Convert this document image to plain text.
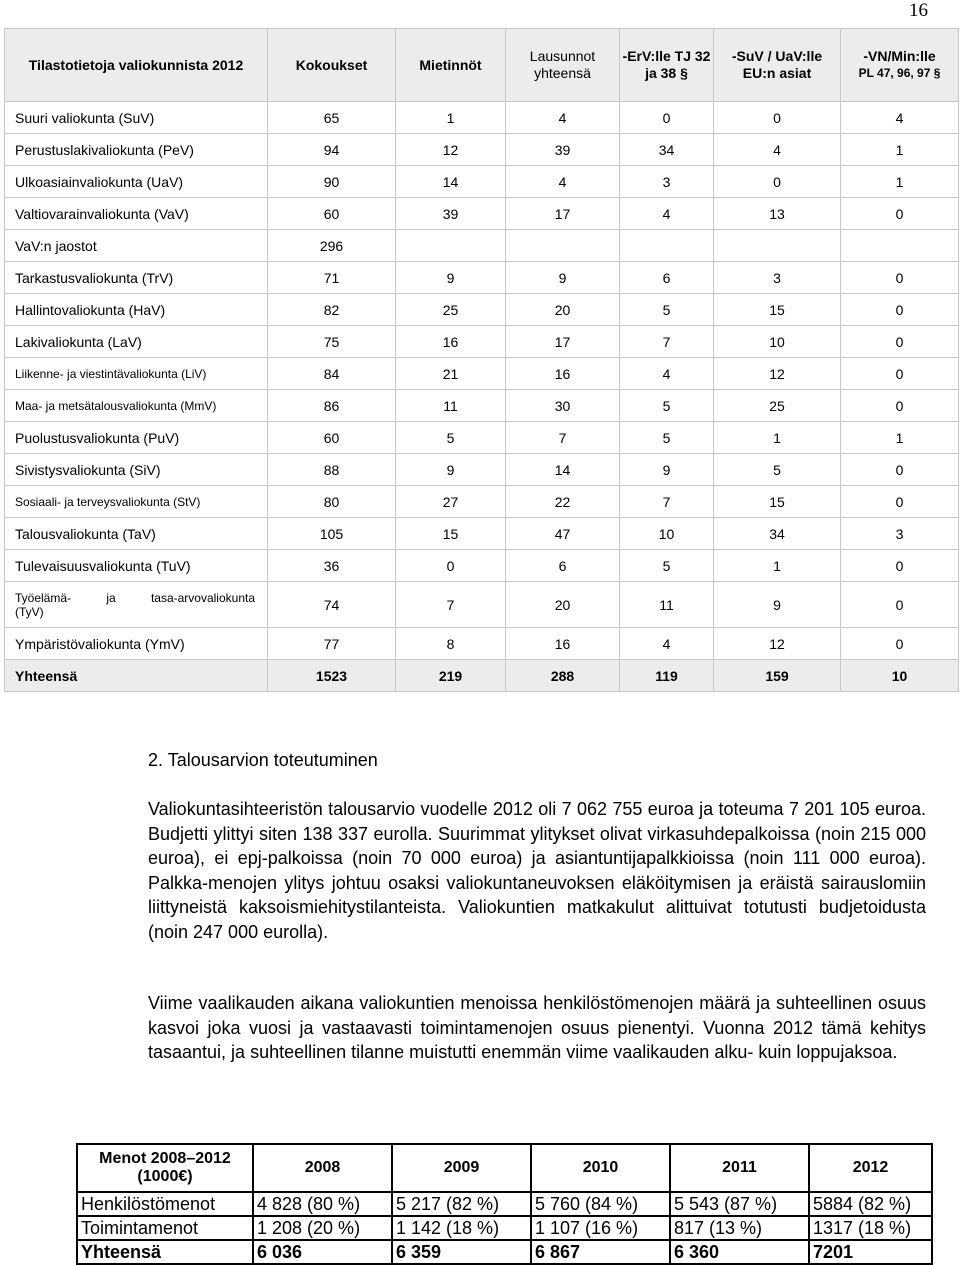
16
Tilastotietoja valiokunnista 2012	Kokoukset	Mietinnöt	Lausunnot yhteensä	-ErV:lle TJ 32 ja 38 §	-SuV / UaV:lle EU:n asiat	-VN/Min:lle
PL 47, 96, 97 §

Suuri valiokunta (SuV)	65	1	4	0	0	4
Perustuslakivaliokunta (PeV)	94	12	39	34	4	1
Ulkoasiainvaliokunta (UaV)	90	14	4	3	0	1
Valtiovarainvaliokunta (VaV)	60	39	17	4	13	0
VaV:n jaostot	296					
Tarkastusvaliokunta (TrV)	71	9	9	6	3	0
Hallintovaliokunta (HaV)	82	25	20	5	15	0
Lakivaliokunta (LaV)	75	16	17	7	10	0
Liikenne- ja viestintävaliokunta (LiV)	84	21	16	4	12	0
Maa- ja metsätalousvaliokunta (MmV)	86	11	30	5	25	0
Puolustusvaliokunta (PuV)	60	5	7	5	1	1
Sivistysvaliokunta (SiV)	88	9	14	9	5	0
Sosiaali- ja terveysvaliokunta (StV)	80	27	22	7	15	0
Talousvaliokunta (TaV)	105	15	47	10	34	3
Tulevaisuusvaliokunta (TuV)	36	0	6	5	1	0

Työelämä- ja tasa-arvovaliokunta
(TyV)	74	7	20	11	9	0
Ympäristövaliokunta (YmV)	77	8	16	4	12	0
Yhteensä	1523	219	288	119	159	10
2. Talousarvion toteutuminen

Valiokuntasihteeristön talousarvio vuodelle 2012 oli 7 062 755 euroa ja toteuma 7 201 105 euroa. Budjetti ylittyi siten 138 337 eurolla. Suurimmat ylitykset olivat virkasuhdepalkoissa (noin 215 000 euroa), ei epj-palkoissa (noin 70 000 euroa) ja asiantuntijapalkkioissa (noin 111 000 euroa). Palkka-menojen ylitys johtuu osaksi valiokuntaneuvoksen eläköitymisen ja eräistä sairauslomiin liittyneistä kaksoismiehitystilanteista. Valiokuntien matkakulut alittuivat totutusti budjetoidusta (noin 247 000 eurolla).

Viime vaalikauden aikana valiokuntien menoissa henkilöstömenojen määrä ja suhteellinen osuus kasvoi joka vuosi ja vastaavasti toimintamenojen osuus pienentyi. Vuonna 2012 tämä kehitys tasaantui, ja suhteellinen tilanne muistutti enemmän viime vaalikauden alku- kuin loppujaksoa.

Menot 2008–2012 (1000€)	2008	2009	2010	2011	2012
Henkilöstömenot	4 828 (80 %)	5 217 (82 %)	5 760 (84 %)	5 543 (87 %)	5884 (82 %)
Toimintamenot	1 208 (20 %)	1 142 (18 %)	1 107 (16 %)	817 (13 %)	1317 (18 %)
Yhteensä	6 036	6 359	6 867	6 360	7201
